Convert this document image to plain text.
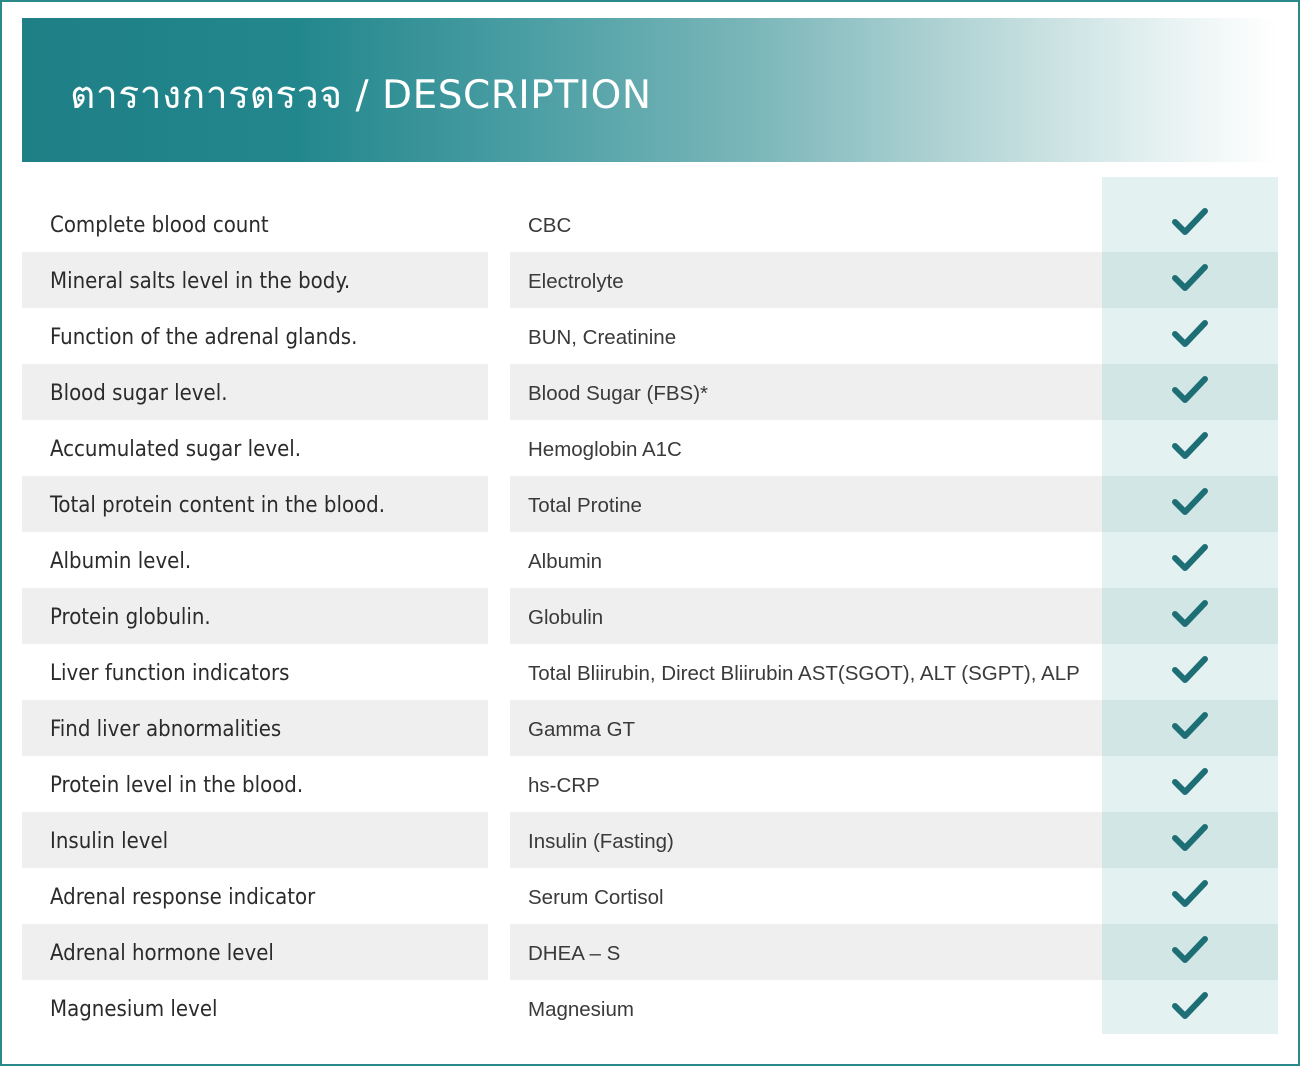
ตารางการตรวจ / DESCRIPTION
Complete blood count	CBC
Mineral salts level in the body.	Electrolyte
Function of the adrenal glands.	BUN, Creatinine
Blood sugar level.	Blood Sugar (FBS)*
Accumulated sugar level.	Hemoglobin A1C
Total protein content in the blood.	Total Protine
Albumin level.	Albumin
Protein globulin.	Globulin
Liver function indicators	Total Bliirubin, Direct Bliirubin AST(SGOT), ALT (SGPT), ALP
Find liver abnormalities	Gamma GT
Protein level in the blood.	hs-CRP
Insulin level	Insulin (Fasting)
Adrenal response indicator	Serum Cortisol
Adrenal hormone level	DHEA – S
Magnesium level	Magnesium
